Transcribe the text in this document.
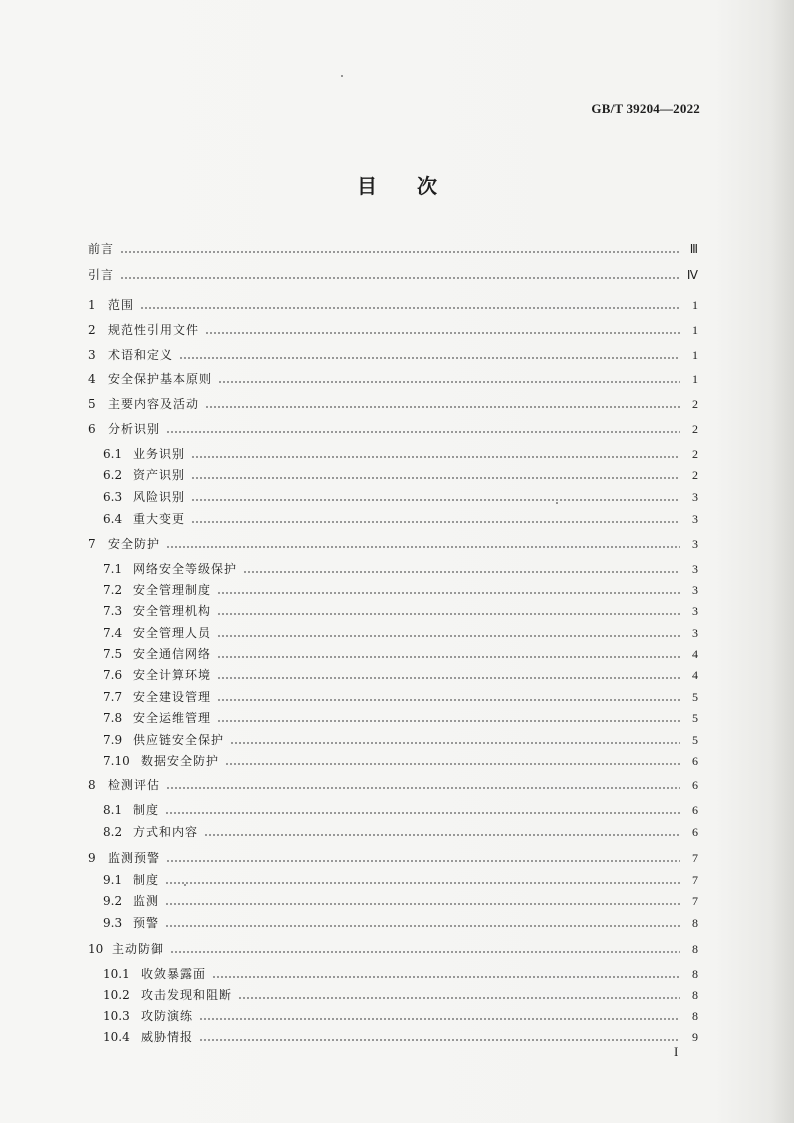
GB/T 39204—2022
目次
前言	Ⅲ
引言	Ⅳ
1	范围	1
2	规范性引用文件	1
3	术语和定义	1
4	安全保护基本原则	1
5	主要内容及活动	2
6	分析识别	2
6.1 业务识别	2
6.2 资产识别	2
6.3 风险识别	3
6.4 重大变更	3
7	安全防护	3
7.1 网络安全等级保护	3
7.2 安全管理制度	3
7.3 安全管理机构	3
7.4 安全管理人员	3
7.5 安全通信网络	4
7.6 安全计算环境	4
7.7 安全建设管理	5
7.8 安全运维管理	5
7.9 供应链安全保护	5
7.10 数据安全防护	6
8	检测评估	6
8.1 制度	6
8.2 方式和内容	6
9	监测预警	7
9.1 制度	7
9.2 监测	7
9.3 预警	8
10 主动防御	8
10.1 收敛暴露面	8
10.2 攻击发现和阻断	8
10.3 攻防演练	8
10.4 威胁情报	9
I
